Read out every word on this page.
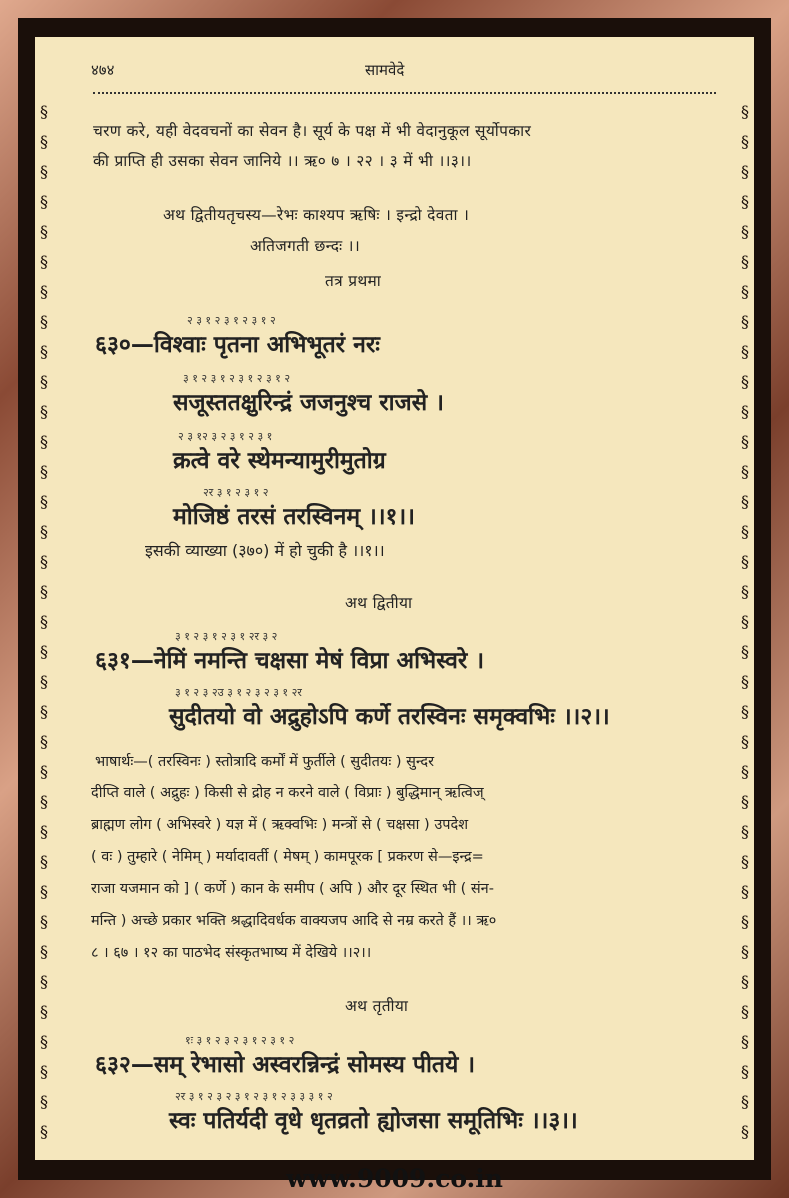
§
§
§
§
§
§
§
§
§
§
§
§
§
§
§
§
§
§
§
§
§
§
§
§
§
§
§
§
§
§
§
§
§
§
§
§
§
§
§
§
§
§
§
§
§
§
§
§
§
§
§
§
§
§
§
§
§
§
§
§
§
§
§
§
§
§
§
§
§
§
४७४	सामवेदे
चरण करे, यही वेदवचनों का सेवन है। सूर्य के पक्ष में भी वेदानुकूल सूर्योपकार
की प्राप्ति ही उसका सेवन जानिये ।। ऋ० ७ । २२ । ३ में भी ।।३।।
अथ द्वितीयतृचस्य—रेभः काश्यप ऋषिः । इन्द्रो देवता ।
अतिजगती छन्दः ।।
तत्र प्रथमा
२ ३ १ २ ३ १ २ ३ १ २
६३०—विश्वाः पृतना अभिभूतरं नरः
३ १ २ ३ १ २ ३ १ २ ३ १ २
सजूस्ततक्षुरिन्द्रं जजनुश्च राजसे ।
२ ३ १२ ३ २ ३ १ २ ३ १
क्रत्वे वरे स्थेमन्यामुरीमुतोग्र
२र ३ १ २ ३ १ २
मोजिष्ठं तरसं तरस्विनम् ।।१।।
इसकी व्याख्या (३७०) में हो चुकी है ।।१।।
अथ द्वितीया
३ १ २ ३ १ २ ३ १ २र ३ २
६३१—नेमिं नमन्ति चक्षसा मेषं विप्रा अभिस्वरे ।
३ १ २ ३ २उ ३ १ २ ३ २ ३ १ २र
सुदीतयो वो अद्रुहोऽपि कर्णे तरस्विनः समृक्वभिः ।।२।।
भाषार्थः—( तरस्विनः ) स्तोत्रादि कर्मों में फुर्तीले ( सुदीतयः ) सुन्दर
दीप्ति वाले ( अद्रुहः ) किसी से द्रोह न करने वाले ( विप्राः ) बुद्धिमान् ऋत्विज्
ब्राह्मण लोग ( अभिस्वरे ) यज्ञ में ( ऋक्वभिः ) मन्त्रों से ( चक्षसा ) उपदेश
( वः ) तुम्हारे ( नेमिम् ) मर्यादावर्ती ( मेषम् ) कामपूरक [ प्रकरण से—इन्द्र=
राजा यजमान को ] ( कर्णे ) कान के समीप ( अपि ) और दूर स्थित भी ( संन-
मन्ति ) अच्छे प्रकार भक्ति श्रद्धादिवर्धक वाक्यजप आदि से नम्र करते हैं ।। ऋ०
८ । ६७ । १२ का पाठभेद संस्कृतभाष्य में देखिये ।।२।।
अथ तृतीया
१ः ३ १ २ ३ २ ३ १ २ ३ १ २
६३२—सम् रेभासो अस्वरन्निन्द्रं सोमस्य पीतये ।
२र ३ १ २ ३ २ ३ १ २ ३ १ २ ३ ३ ३ १ २
स्वः पतिर्यदी वृधे धृतव्रतो ह्योजसा समूतिभिः ।।३।।
www.9009.co.in
